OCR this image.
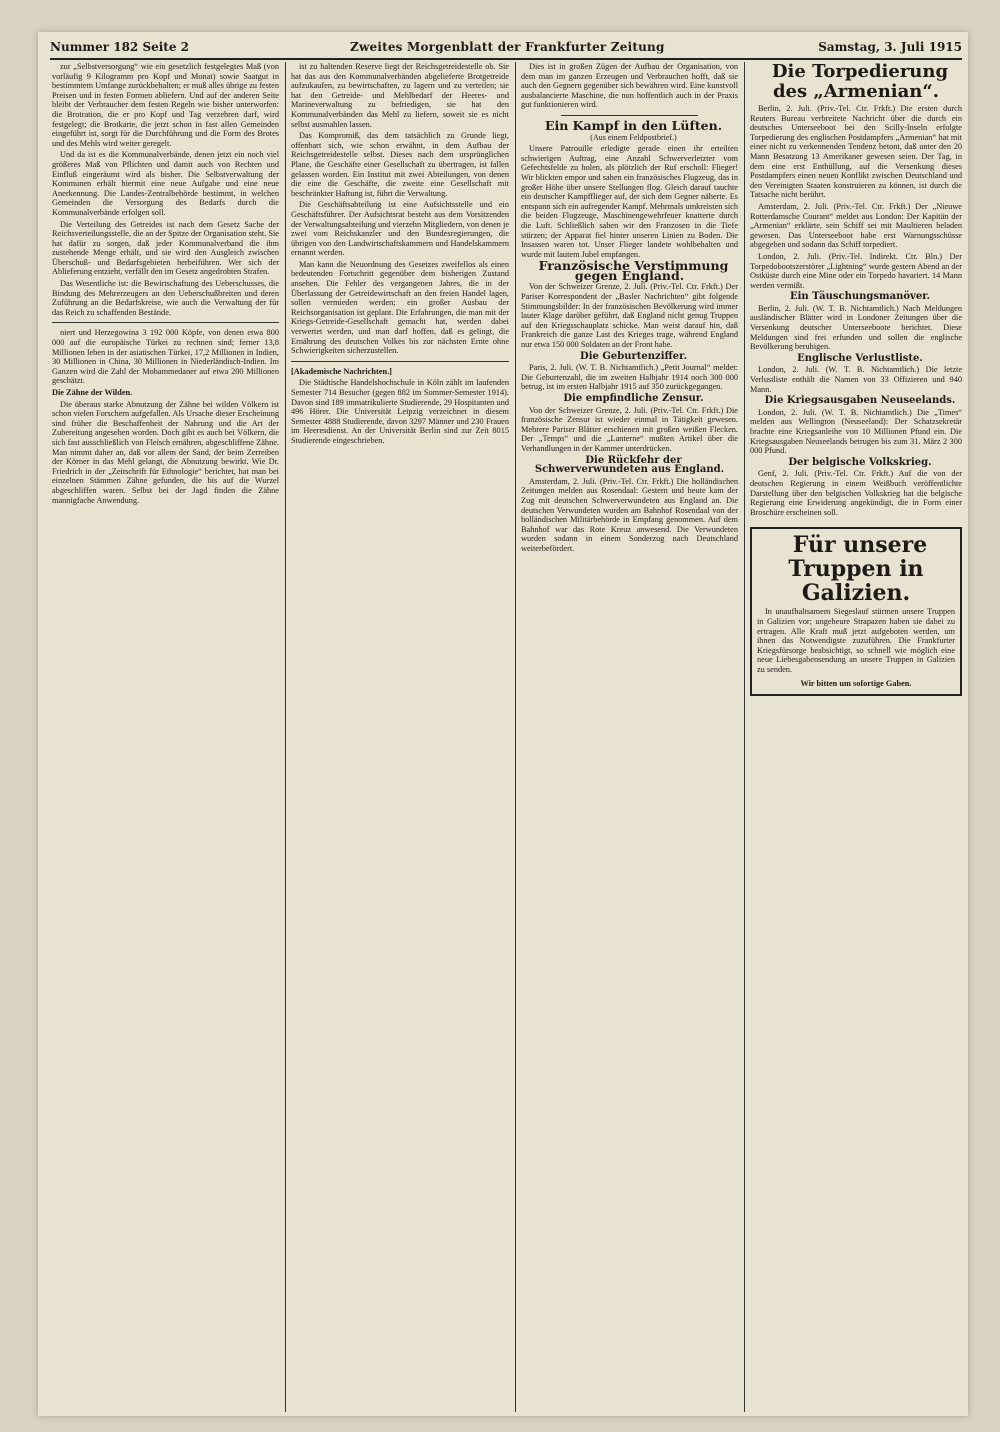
Nummer 182 Seite 2	Zweites Morgenblatt der Frankfurter Zeitung	Samstag, 3. Juli 1915

zur „Selbstversorgung“ wie ein gesetzlich festgelegtes Maß (von vorläufig 9 Kilogramm pro Kopf und Monat) sowie Saatgut in bestimmtem Umfange zurückbehalten; er muß alles übrige zu festen Preisen und in festen Formen abliefern. Und auf der anderen Seite bleibt der Verbraucher dem festen Regeln wie bisher unterworfen: die Brotration, die er pro Kopf und Tag verzehren darf, wird festgelegt; die Brotkarte, die jetzt schon in fast allen Gemeinden eingeführt ist, sorgt für die Durchführung und die Form des Brotes und des Mehls wird weiter geregelt.

Und da ist es die Kommunalverbände, denen jetzt ein noch viel größeres Maß von Pflichten und damit auch von Rechten und Einfluß eingeräumt wird als bisher. Die Selbstverwaltung der Kommunen erhält hiermit eine neue Aufgabe und eine neue Anerkennung. Die Landes-Zentralbehörde bestimmt, in welchen Gemeinden die Versorgung des Bedarfs durch die Kommunalverbände erfolgen soll.

Die Verteilung des Getreides ist nach dem Gesetz Sache der Reichsverteilungsstelle, die an der Spitze der Organisation steht. Sie hat dafür zu sorgen, daß jeder Kommunalverband die ihm zustehende Menge erhält, und sie wird den Ausgleich zwischen Überschuß- und Bedarfsgebieten herbeiführen. Wer sich der Ablieferung entzieht, verfällt den im Gesetz angedrohten Strafen.

Das Wesentliche ist: die Bewirtschaftung des Ueberschusses, die Bindung des Mehrerzeugers an den Ueberschußbreiten und deren Zuführung an die Bedarfskreise, wie auch die Verwaltung der für das Reich zu schaffenden Bestände.

niert und Herzegowina 3 192 000 Köpfe, von denen etwa 800 000 auf die europäische Türkei zu rechnen sind; ferner 13,8 Millionen leben in der asiatischen Türkei, 17,2 Millionen in Indien, 30 Millionen in China, 30 Millionen in Niederländisch-Indien. Im Ganzen wird die Zahl der Mohammedaner auf etwa 200 Millionen geschätzt.

Die Zähne der Wilden.

Die überaus starke Abnutzung der Zähne bei wilden Völkern ist schon vielen Forschern aufgefallen. Als Ursache dieser Erscheinung sind früher die Beschaffenheit der Nahrung und die Art der Zubereitung angesehen worden. Doch gibt es auch bei Völkern, die sich fast ausschließlich von Fleisch ernähren, abgeschliffene Zähne. Man nimmt daher an, daß vor allem der Sand, der beim Zerreiben der Körner in das Mehl gelangt, die Abnutzung bewirkt. Wie Dr. Friedrich in der „Zeitschrift für Ethnologie“ berichtet, hat man bei einzelnen Stämmen Zähne gefunden, die bis auf die Wurzel abgeschliffen waren. Selbst bei der Jagd finden die Zähne mannigfache Anwendung.

ist zu haltenden Reserve liegt der Reichsgetreidestelle ob. Sie hat das aus den Kommunalverbänden abgelieferte Brotgetreide aufzukaufen, zu bewirtschaften, zu lagern und zu verteilen; sie hat den Getreide- und Mehlbedarf der Heeres- und Marineverwaltung zu befriedigen, sie hat den Kommunalverbänden das Mehl zu liefern, soweit sie es nicht selbst ausmahlen lassen.

Das Kompromiß, das dem tatsächlich zu Grunde liegt, offenbart sich, wie schon erwähnt, in dem Aufbau der Reichsgetreidestelle selbst. Dieses nach dem ursprünglichen Plane, die Geschäfte einer Gesellschaft zu übertragen, ist fallen gelassen worden. Ein Institut mit zwei Abteilungen, von denen die eine die Geschäfte, die zweite eine Gesellschaft mit beschränkter Haftung ist, führt die Verwaltung.

Die Geschäftsabteilung ist eine Aufsichtsstelle und ein Geschäftsführer. Der Aufsichtsrat besteht aus dem Vorsitzenden der Verwaltungsabteilung und vierzehn Mitgliedern, von denen je zwei vom Reichskanzler und den Bundesregierungen, die übrigen von den Landwirtschaftskammern und Handelskammern ernannt werden.

Man kann die Neuordnung des Gesetzes zweifellos als einen bedeutenden Fortschritt gegenüber dem bisherigen Zustand ansehen. Die Fehler des vergangenen Jahres, die in der Überlassung der Getreidewirtschaft an den freien Handel lagen, sollen vermieden werden; ein großer Ausbau der Reichsorganisation ist geplant. Die Erfahrungen, die man mit der Kriegs-Getreide-Gesellschaft gemacht hat, werden dabei verwertet werden, und man darf hoffen, daß es gelingt, die Ernährung des deutschen Volkes bis zur nächsten Ernte ohne Schwierigkeiten sicherzustellen.

[Akademische Nachrichten.]

Die Städtische Handelshochschule in Köln zählt im laufenden Semester 714 Besucher (gegen 882 im Sommer-Semester 1914). Davon sind 189 immatrikulierte Studierende, 29 Hospitanten und 496 Hörer. Die Universität Leipzig verzeichnet in diesem Semester 4888 Studierende, davon 3297 Männer und 230 Frauen im Heeresdienst. An der Universität Berlin sind zur Zeit 8015 Studierende eingeschrieben.

Dies ist in großen Zügen der Aufbau der Organisation, von dem man im ganzen Erzeugen und Verbrauchen hofft, daß sie auch den Gegnern gegenüber sich bewähren wird. Eine kunstvoll ausbalancierte Maschine, die nun hoffentlich auch in der Praxis gut funktionieren wird.

Ein Kampf in den Lüften.

(Aus einem Feldpostbrief.)

Unsere Patrouille erledigte gerade einen ihr erteilten schwierigen Auftrag, eine Anzahl Schwerverletzter vom Gefechtsfelde zu holen, als plötzlich der Ruf erscholl: Flieger! Wir blickten empor und sahen ein französisches Flugzeug, das in großer Höhe über unsere Stellungen flog. Gleich darauf tauchte ein deutscher Kampfflieger auf, der sich dem Gegner näherte. Es entspann sich ein aufregender Kampf. Mehrmals umkreisten sich die beiden Flugzeuge, Maschinengewehrfeuer knatterte durch die Luft. Schließlich sahen wir den Franzosen in die Tiefe stürzen; der Apparat fiel hinter unseren Linien zu Boden. Die Insassen waren tot. Unser Flieger landete wohlbehalten und wurde mit lautem Jubel empfangen.

Französische Verstimmung gegen England.

Von der Schweizer Grenze, 2. Juli. (Priv.-Tel. Ctr. Frkft.) Der Pariser Korrespondent der „Basler Nachrichten“ gibt folgende Stimmungsbilder: In der französischen Bevölkerung wird immer lauter Klage darüber geführt, daß England nicht genug Truppen auf den Kriegsschauplatz schicke. Man weist darauf hin, daß Frankreich die ganze Last des Krieges trage, während England nur etwa 150 000 Soldaten an der Front habe.

Die Geburtenziffer.

Paris, 2. Juli. (W. T. B. Nichtamtlich.) „Petit Journal“ meldet: Die Geburtenzahl, die im zweiten Halbjahr 1914 noch 300 000 betrug, ist im ersten Halbjahr 1915 auf 350 zurückgegangen.

Die empfindliche Zensur.

Von der Schweizer Grenze, 2. Juli. (Priv.-Tel. Ctr. Frkft.) Die französische Zensur ist wieder einmal in Tätigkeit gewesen. Mehrere Pariser Blätter erschienen mit großen weißen Flecken. Der „Temps“ und die „Lanterne“ mußten Artikel über die Verhandlungen in der Kammer unterdrücken.

Die Rückfehr der Schwerverwundeten aus England.

Amsterdam, 2. Juli. (Priv.-Tel. Ctr. Frkft.) Die holländischen Zeitungen melden aus Rosendaal: Gestern und heute kam der Zug mit deutschen Schwerverwundeten aus England an. Die deutschen Verwundeten wurden am Bahnhof Rosendaal von der holländischen Militärbehörde in Empfang genommen. Auf dem Bahnhof war das Rote Kreuz anwesend. Die Verwundeten wurden sodann in einem Sonderzug nach Deutschland weiterbefördert.

Die Torpedierung des „Armenian“.

Berlin, 2. Juli. (Priv.-Tel. Ctr. Frkft.) Die ersten durch Reuters Bureau verbreitete Nachricht über die durch ein deutsches Unterseeboot bei den Scilly-Inseln erfolgte Torpedierung des englischen Postdampfers „Armenian“ hat mit einer nicht zu verkennenden Tendenz betont, daß unter den 20 Mann Besatzung 13 Amerikaner gewesen seien. Der Tag, in dem eine erst Enthüllung, auf die Versenkung dieses Postdampfers einen neuen Konflikt zwischen Deutschland und den Vereinigten Staaten konstruieren zu können, ist durch die Tatsache nicht berührt.

Amsterdam, 2. Juli. (Priv.-Tel. Ctr. Frkft.) Der „Nieuwe Rotterdamsche Courant“ meldet aus London: Der Kapitän der „Armenian“ erklärte, sein Schiff sei mit Maultieren beladen gewesen. Das Unterseeboot habe erst Warnungsschüsse abgegeben und sodann das Schiff torpediert.

London, 2. Juli. (Priv.-Tel. Indirekt. Ctr. Bln.) Der Torpedobootszerstörer „Lightning“ wurde gestern Abend an der Ostküste durch eine Mine oder ein Torpedo havariert. 14 Mann werden vermißt.

Ein Täuschungsmanöver.

Berlin, 2. Juli. (W. T. B. Nichtamtlich.) Nach Meldungen ausländischer Blätter wird in Londoner Zeitungen über die Versenkung deutscher Unterseeboote berichtet. Diese Meldungen sind frei erfunden und sollen die englische Bevölkerung beruhigen.

Englische Verlustliste.

London, 2. Juli. (W. T. B. Nichtamtlich.) Die letzte Verlustliste enthält die Namen von 33 Offizieren und 940 Mann.

Die Kriegsausgaben Neuseelands.

London, 2. Juli. (W. T. B. Nichtamtlich.) Die „Times“ melden aus Wellington (Neuseeland): Der Schatzsekretär brachte eine Kriegsanleihe von 10 Millionen Pfund ein. Die Kriegsausgaben Neuseelands betrugen bis zum 31. März 2 300 000 Pfund.

Der belgische Volkskrieg.

Genf, 2. Juli. (Priv.-Tel. Ctr. Frkft.) Auf die von der deutschen Regierung in einem Weißbuch veröffentlichte Darstellung über den belgischen Volkskrieg hat die belgische Regierung eine Erwiderung angekündigt, die in Form einer Broschüre erscheinen soll.

Für unsere Truppen in Galizien.

In unaufhaltsamem Siegeslauf stürmen unsere Truppen in Galizien vor; ungeheure Strapazen haben sie dabei zu ertragen. Alle Kraft muß jetzt aufgeboten werden, um ihnen das Notwendigste zuzuführen. Die Frankfurter Kriegsfürsorge beabsichtigt, so schnell wie möglich eine neue Liebesgabensendung an unsere Truppen in Galizien zu senden.

Wir bitten um sofortige Gaben.
